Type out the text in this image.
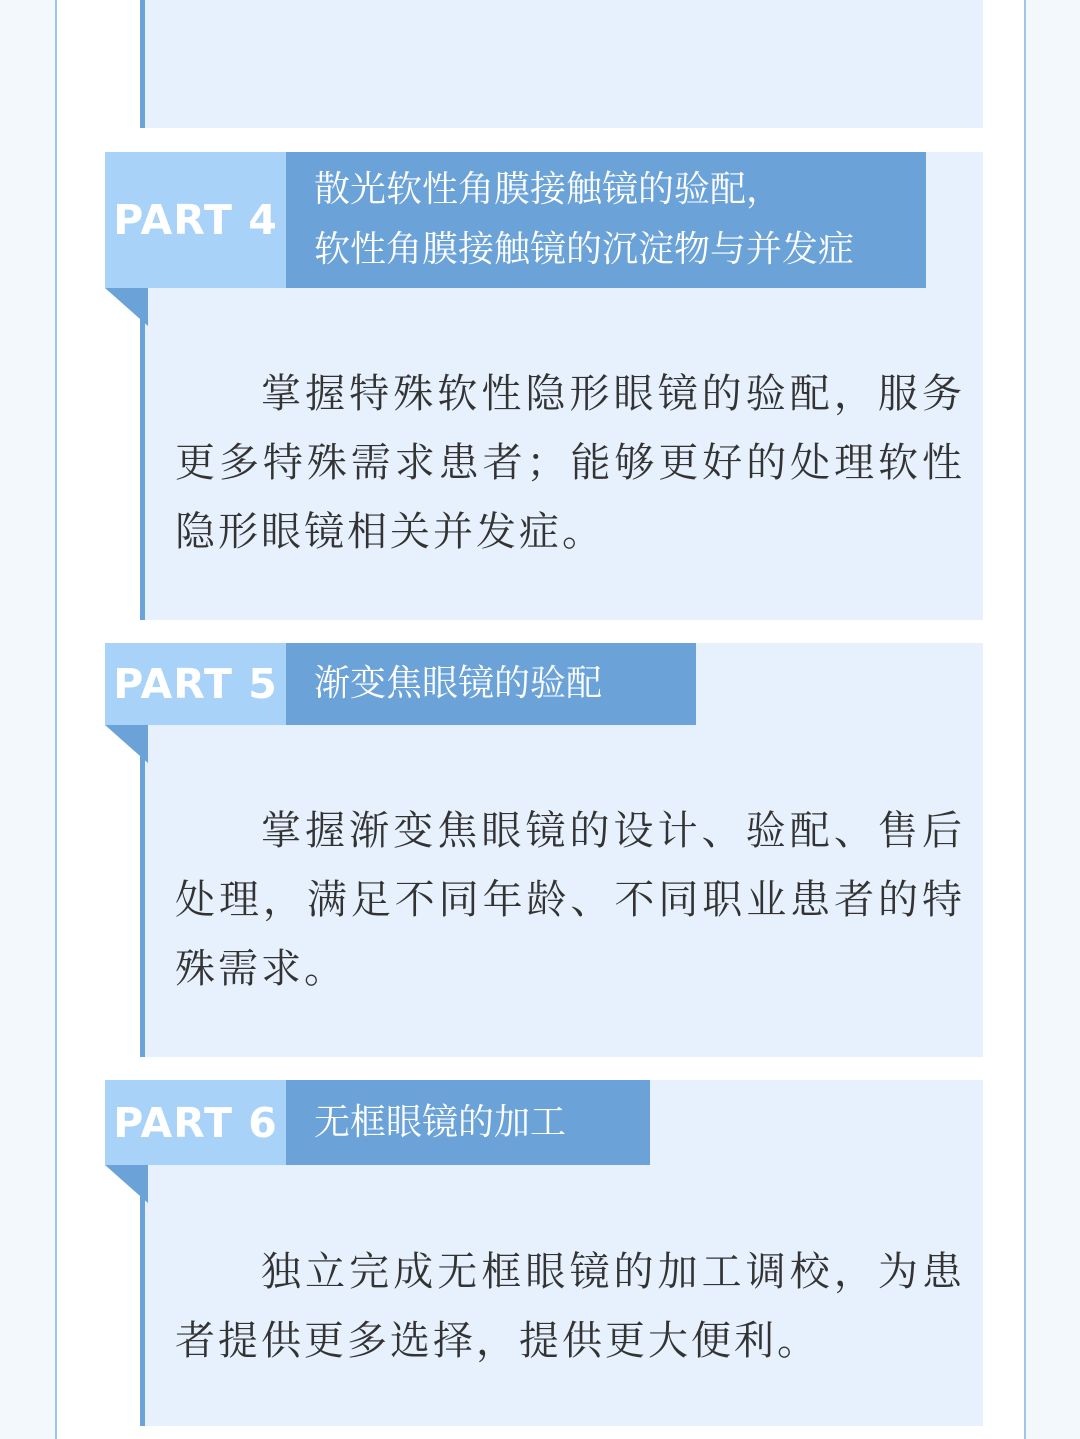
PART 4
散光软性角膜接触镜的验配，
软性角膜接触镜的沉淀物与并发症

掌握特殊软性隐形眼镜的验配，服务更多特殊需求患者；能够更好的处理软性隐形眼镜相关并发症。

PART 5 渐变焦眼镜的验配

掌握渐变焦眼镜的设计、验配、售后处理，满足不同年龄、不同职业患者的特殊需求。

PART 6 无框眼镜的加工

独立完成无框眼镜的加工调校，为患者提供更多选择，提供更大便利。
